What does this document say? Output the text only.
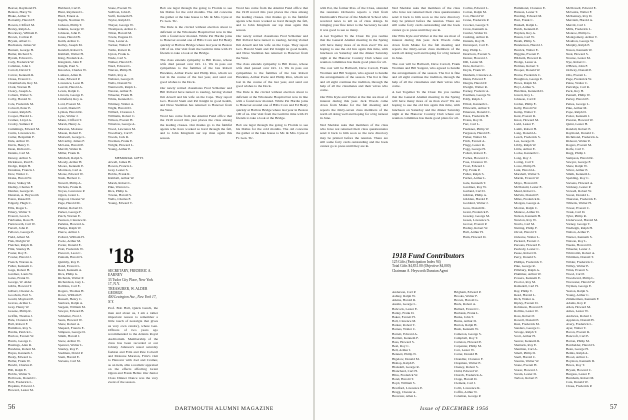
Beaver, Raymond H.
Benton, Harry W.
Blake, Arthur T.
Bottomly, Harold F.
Bowen, Clifford M.
Braley, Ralph A.
Brockway, William E.
Brown, Carlton P.
Bryant, Albert C.
Buchanan, James W.
Burnett, George H.
Butler, Richard S.
Byram, Edward L.
Cady, Frederick W.
Callahan, John J.
Carroll, David T.
Carver, Kenneth R.
Chase, Everett C.
Chamberlain, Roy M.
Clark, Warren H.
Cleary, Joseph A.
Coburn, Walter S.
Colby, Harold N.
Cole, Frederick M.
Colwell, Peter E.
Conant, Ralph B.
Cooper, Harold L.
Cramer, Lloyd A.
Crosby, Sumner P.
Cummings, Edward M.
Curtis, Lawrence K.
Cutler, Benjamin F.
Dale, Arthur W.
Davis, Henry T.
Dean, Richard L.
Dennis, Carl M.
Dewey, Arthur S.
Dickinson, Paul E.
Dodge, Ralph H.
Donahue, Francis J.
Dow, Walter C.
Drake, Harold W.
Drew, Sidney M.
Dudley, Charles F.
Dunbar, George R.
Dunstan, A. Heyworth
Eaton, Russell P.
Edgerly, Hugh C.
Ellis, Roger L.
Emery, Walter T.
Everett, Leon S.
Fairbanks, Ross H.
Farnsworth, Carl W.
Farrell, John P.
Fellows, George E.
Field, Albert M.
Fisk, Dwight W.
Fletcher, Ralph D.
Flint, Stanley B.
Foster, Roy E.
Fowler, Harold J.
French, Warren A.
Fuller, Kenneth C.
Gage, Robert H.
Gardner, Louis W.
Gates, Frank N.
George, W. Alder
Gibbs, Howard T.
Gilbert, Chester A.
Goodwin, Earl S.
Gould, Maynard P.
Graves, Arthur L.
Gray, Henry W.
Greene, Philip R.
Griffin, Thomas J.
Hale, Clarence D.
Hall, Robert F.
Hamilton, Roy S.
Hardie, Patrick L.
Harlow, Everett W.
Harris, George C.
Hastings, Alan R.
Hawkins, Robert M.
Hayes, Kenneth J.
Healy, Edward G.
Heller, Frank W.
Hewitt, Charles P.
Hill, Ralph E.
Hobbs, Walter S.
Holbrook, Donald C.
Holt, Frederick L.
Hopkins, Edward J.
Howard, Lester M.
Hubbard, Carl P.
Hunt, Raymond L.
Hurd, Ernest A.
Ingalls, Norman W.
Jackson, Philip T.
Jenkins, George W.
Johnson, John E.
Jones, Harold B.
Keith, Arthur C.
Kelley, Joseph M.
Kendall, Robert S.
Kimball, Walter H.
King, Frederick A.
Kingdom, John F.
Knight, Paul S.
Knowles, Charles W.
Lamson, Allen D.
Lane, Edward P.
Lawrence, Leon H.
Leavitt, Harold A.
Lewis, Ralph C.
Lincoln, George E.
Littlefield, Roy A.
Lord, Everett M.
Lovell, Daniel F.
Lyman, Harold R.
Lyne, Walter J.
Mann, Clifford T.
Marsh, Henry A.
Marston, Moirene
Mason, Robert E.
Maxwell, George L.
McCarthy, James F.
McLane, Harold P.
Merrill, Walter R.
Miller, Frank D.
Mitchell, Ralph S.
Moody, Arthur H.
Moore, Kenneth E.
Morrison, Carl A.
Morse, Edward W.
Nash, Herbert C.
Newell, Philip A.
Nichols, Frank R.
Noyes, Lawrence P.
Ogren, Grant L.
Osgood, Chester W.
Page, Harold M.
Palmer, Robert D.
Parker, George F.
Patch, Warren E.
Pearson, Clarence R.
Perkins, Howard A.
Phelps, Ralph W.
Pierce, Arthur J.
Pollard, William H.
Poole, Arthur M.
Porter, Donald E.
Pratt, Frederick W.
Prescott, Leon C.
Putnam, Harold S.
Quimby, Roy E.
Rand, Everett L.
Reed, Kenneth A.
Rice, Philip G.
Richards, Walter P.
Richardson, Guy L.
Robbins, Carl E.
Rogers, Thomas H.
Rowe, William F.
Russell, Henry C.
Sanborn, Ralph A.
Sargent, William M.
Sawyer, Edward B.
Schlemer, Fred J.
Sears, Howard W.
Shaw, Robert A.
Shepard, Francis E.
Simpson, George D.
Smith, Harold J.
Snow, Arthur W.
Spencer, Walter L.
Stanley, Roy F.
Stedman, David P.
Stem, Harold E.
Stevens, Carl M.
Stone, Everett W.
Sullivan, John P.
Swift, Kenneth H.
Taylor, Ralph D.
Thayer, George W.
Thompson, Arthur C.
Tilton, Harold M.
Towle, Eugene D.
True, Lester A.
Tucker, Walter F.
Tuttle, Robert R.
Upton, Frank G.
Wade, Carl S.
Walker, Harold E.
Ward, Edward L.
Warren, Philip H.
Webb, Roy A.
Webster, George P.
Wells, Donald W.
Wentworth, Ralph L.
Weston, Arthur E.
Wheeler, Frank H.
White, Kenneth C.
Whitney, Walter A.
Wight, Harold D.
Willard, Clarence J.
Williams, Robert C.
Wilson, Everett H.
Winslow, George A.
Wood, Lawrence M.
Woodbury, Carl F.
Woods, Jack R.
Worman, Frank E.
Wright, Howard L.
Young, Arthur P.

MEMORIAL GIFTS
Atwell, James H.
Bowen, Francis L.
Gray, Lester S.
Hobbs, Frank R.
Kimball, Arthur W.
Marsh, Robert L.
Pike, Warren G.
Rice, Philip G.
Towne, Harold S.
Wells, Charles F.
Young, Edward T.
'18
SECRETARY, FREDERIC A. EARNEY
33 Tudor City Place, New York 17, N.Y.
TREASURER, W. ALDER GEORGE
400 Lexington Ave., New York 17, N.Y.

Prof. Bob Hall, Quick Lunch, the men and about us, I am a rather important reason to remember a little touch of nostalgia that gives us very own candor), where Gen. Officers of two years ago recommended to the Atlanta Royal Auditorium. Membership of the class has been recorded at our Johnny Johnson's usual saturday fashion and Fritz and Pete Colwell and Moirene Marston, Fritz's visit to Hanover with Joel and Cramer, as on item, able a realistic appraisal on the effects affecting Grant Ogren and Frank Heller. Our Junior Class Dinner Dance was the very event of the season.

Bob are legal through the going to Florida to see his Dallas for the cold months. The old concerns the gather at the lake house to Mr. & Mrs. Lyne at Fr. Gen. Tic.

The Dale is the circled without election about to deficient at the Wholesale Hospital but now in line with a found new monied. While Pat Hardie joins to Hanover around one of Hills Cove and Ed Healy quickly at Hallow Bridge where last year in Boston 100 of us. Our visit from the Guild in time with 25 friends to take a look at the Bridge.

The class extends sympathy to Bill Rowe, whose wife died passed over Oct. 11. We in pass our sympathies to the families of the late Robert Hawkins, Arthur Poole and Philip Rice, whom we lost in the course of the last year, and send our good wishes to the Dock.

Our newly retired classmates Fred Schlemer and Bill Pollard have turned to touring, having visited Jim Atwell and his wife on the Cape. They report Gov. Harold Stem and Pal Knight in good health, and Dave Stedman has returned to Hanover from the West.

Word has come from the Alumni Fund office that the 1918 record this year places the class among the leading classes. Our thanks go to the faithful agents who have worked so hard through the fall, and to John Kingdom our top man again this season.

Word has come from the Alumni Fund office that the 1918 record this year places the class among the leading classes. Our thanks go to the faithful agents who have worked so hard through the fall, and to John Kingdom our top man again this season.

Our newly retired classmates Fred Schlemer and Bill Pollard have turned to touring, having visited Jim Atwell and his wife on the Cape. They report Gov. Harold Stem and Pal Knight in good health, and Dave Stedman has returned to Hanover from the West.

The class extends sympathy to Bill Rowe, whose wife died passed over Oct. 11. We in pass our sympathies to the families of the late Robert Hawkins, Arthur Poole and Philip Rice, whom we lost in the course of the last year, and send our good wishes to the Dock.

The Dale is the circled without election about to deficient at the Wholesale Hospital but now in line with a found new monied. While Pat Hardie joins to Hanover around one of Hills Cove and Ed Healy quickly at Hallow Bridge where last year in Boston 100 of us. Our visit from the Guild in time with 25 friends to take a look at the Bridge.

Bob are legal through the going to Florida to see his Dallas for the cold months. The old concerns the gather at the lake house to Mr. & Mrs. Lyne at Fr. Gen. Tic.

56	DARTMOUTH ALUMNI MAGAZINE

with Pat, the former Pres. of the Class, attended the reunions Orchestra reports a visit from Dartmouth's Hoover of the Medical School who received news to tell us of class doings. In bringing your fine letter to the Secretary he said it was good to see so many.

A Get Together To the Class: Do you realize that the General Alumni meeting in the Spring will have many more of us than ever? We are hoping to use the old Inn again this time, with luncheon on Saturday and the dinner Saturday night at the Hanover Country Club where our reunion committee has made good plans for all.

The cost will be Hallwell, Dave Carroll, Frank Worman and Bill Sargent, who agreed to handle the arrangements of the season. The list is fine and all eight continue the tradition, through the help of all the classmates and their wives who come.

Our Ellis Kyle and Walter at the Inn are most of interest during this year. Jack Woods came down from Maine for the fall meeting and reports the thirty-seven class members of the north all doing well and hoping for a big turnout in June.

Ned Sheldon asks that members of the class who have not returned their class questionnaire send it back to him soon so the new directory may be printed before the reunion. There are still some forty cards outstanding and the book cannot go to press until they are in.

Ned Sheldon asks that members of the class who have not returned their class questionnaire send it back to him soon so the new directory may be printed before the reunion. There are still some forty cards outstanding and the book cannot go to press until they are in.

Our Ellis Kyle and Walter at the Inn are most of interest during this year. Jack Woods came down from Maine for the fall meeting and reports the thirty-seven class members of the north all doing well and hoping for a big turnout in June.

The cost will be Hallwell, Dave Carroll, Frank Worman and Bill Sargent, who agreed to handle the arrangements of the season. The list is fine and all eight continue the tradition, through the help of all the classmates and their wives who come.

A Get Together To the Class: Do you realize that the General Alumni meeting in the Spring will have many more of us than ever? We are hoping to use the old Inn again this time, with luncheon on Saturday and the dinner Saturday night at the Hanover Country Club where our reunion committee has made good plans for all.

1918 Fund Contributors
125 Gifts (Participation Index 94)
Total Gifts $4,831.00 (Objective $4,000)
Chairman A. Heyworth Dunstan Agent
Anderson, Carl P.
Ashley, Ralph W.
Atkins, Harold R.
Austin, George L.
Babcock, Lester E.
Bailey, Frank D.
Baker, Everett H.
Ball, Clarence M.
Barker, Robert T.
Barnes, Walter C.
Barrett, Edward A.
Bartlett, Kenneth F.
Bass, Howard S.
Beal, Roy C.
Bell, Arthur J.
Bennett, Philip N.
Bigelow, Donald M.
Bishop, Ralph E.
Blaisdell, George R.
Blanchard, Carl H.
Bliss, Frederick W.
Bond, Harold T.
Boyd, William S.
Bradford, Lawrence E.
Bragg, Chester A.
Brewster, Allen L.
Brigham, Edward P.
Brooks, Walter F.
Brown, Harold G.
Buck, Robert A.
Bullard, Everett C.
Burbank, Frank L.
Burke, John T.
Burns, Arthur D.
Burton, Ralph H.
Bush, Kenneth W.
Cameron, George S.
Campbell, Roy T.
Carleton, Howard E.
Carpenter, Philip M.
Carr, Lester W.
Carter, Donald H.
Chandler, Clarence F.
Chapman, Walter E.
Cheney, Robert S.
Child, Edward W.
Church, Frederick A.
Clapp, Harold D.
Clement, Carl J.
Cobb, Lawrence R.
Coffin, Arthur N.
Coleman, George P.
Corliss, Edward L.
Cotton, Ralph M.
Cox, Harold W.
Crane, Frederick P.
Crocker, George T.
Cross, Kenneth A.
Currier, Walter D.
Cushing, Arthur R.
Daniels, Roy H.
Davenport, Carl E.
Day, Philip L.
Dearborn, Everett S.
Dexter, Howard J.
Dill, Lester M.
Dole, Robert C.
Doyle, Frank W.
Dunham, Clarence A.
Dunn, Edward F.
Durgin, Harold P.
Dwight, Walter R.
Earney, Frederic A.
Eastman, George W.
Eddy, Ralph J.
Elliott, Kenneth L.
Ellsworth, Arthur T.
Emerson, Donald C.
Estes, Frederick H.
Evans, Roy D.
Farr, Carl L.
Faulkner, Philip W.
Ferguson, Harold E.
Fisher, Walter M.
Fitch, Everett A.
Flagg, Lester R.
Fogg, George H.
Follett, Robert E.
Forbes, Howard C.
Foss, Clarence W.
Frost, Edward J.
Fry, Frank P.
Fuller, Ralph S.
Furber, Arthur L.
Gale, Kenneth T.
Gardiner, Roy W.
Garland, Carl D.
Gilman, Philip A.
Glidden, Harold F.
Goddard, Walter J.
Goss, Donald R.
Grant, Frederick E.
Greeley, George M.
Green, Lawrence S.
Grover, Everett P.
Hadley, Robert W.
Hall, Arthur H.
Ham, Howard D.
Hammond, Clarence E.
Hanson, Lester T.
Harding, Edward M.
Hart, Frank C.
Haskell, Ralph L.
Hatch, Kenneth P.
Hayden, Roy A.
Hazen, Carl W.
Heath, Philip S.
Henderson, Harold J.
Herrick, Walter E.
Higgins, Everett F.
Hildreth, Howard R.
Hodge, Lester A.
Holmes, Robert T.
Hooper, Donald W.
Horne, Frederick C.
Houghton, George E.
Howe, Ralph M.
Hoyt, Arthur S.
Hutchins, Kenneth D.
Jewett, Roy L.
Johnson, Carl P.
Jordan, Philip E.
Kelly, Harold W.
Kemp, Walter T.
Kent, Everett R.
Knox, Howard M.
Ladd, Lester F.
Lamb, Robert H.
Lang, Donald A.
Leach, Frederick S.
Lee, George D.
Libby, Ralph W.
Little, Arthur E.
Locke, Kenneth C.
Long, Roy J.
Loring, Carl T.
Lowe, Philip H.
Lunt, Harold A.
Marshall, Walter S.
Martin, Everett W.
Mayo, Howard P.
McDonald, Lester E.
Mead, Robert L.
Melvin, Donald F.
Miles, Frederick R.
Morgan, George A.
Morton, Ralph C.
Munroe, Arthur D.
Nelson, Kenneth H.
Newton, Roy W.
Norris, Carl M.
Nutting, Philip F.
Olcott, Harold T.
Osborne, Walter L.
Packard, Everett J.
Parsons, Howard E.
Peabody, Lester C.
Pease, Robert D.
Perry, Donald S.
Phillips, Frederick T.
Pike, George R.
Pillsbury, Ralph A.
Plummer, Arthur W.
Powers, Kenneth E.
Proctor, Roy M.
Ramsdell, Carl H.
Ray, Philip T.
Read, Harold L.
Rich, Walter A.
Ripley, Everett D.
Robinson, Howard F.
Rollins, Lester W.
Ross, Robert P.
Rowell, Donald E.
Rust, Frederick M.
Sanders, George C.
Savage, Ralph T.
Scott, Arthur H.
Seaver, Kenneth R.
Shattuck, Roy E.
Sherman, Carl A.
Small, Philip D.
Snell, Harold C.
Stearns, Walter W.
Stone, Everett H.
Storer, Howard J.
Swain, Lester D.
Tarbox, Robert F.
McDowell, Edward E.
McGuire, Walter F.
McKenney, Roy D.
Merriam, Harold A.
Merritt, Carl J.
Mills, Frederick L.
Monroe, Philip G.
Montgomery, Arthur T.
Moulton, George W.
Murphy, Ralph E.
Nason, Kenneth W.
Neal, Howard S.
Nourse, Lester M.
Nye, Robert C.
O'Brien, John F.
Ordway, Donald P.
Otis, Everett L.
Page, Frederick W.
Paine, Walter C.
Partridge, Carl R.
Peck, Roy H.
Pennell, Philip W.
Perley, Harold E.
Pettee, George L.
Pike, Arthur M.
Pope, Ralph D.
Potter, Kenneth J.
Preston, Howard W.
Quint, Lester H.
Randall, Robert E.
Raymond, Donald C.
Richmond, Frederick A.
Rideout, Walter P.
Rogers, Everett M.
Rolfe, Carl T.
Rugg, Philip J.
Sampson, Harold R.
Sawyer, George F.
Shaw, Ralph W.
Silver, Arthur E.
Smith, Kenneth L.
Spalding, Roy C.
Stevens, Howard A.
Stickney, Lester P.
Stowell, Robert W.
Sweet, Donald L.
Thurston, Frederick E.
Tibbetts, Walter H.
Tower, Everett C.
Trask, Carl D.
Tyler, Philip R.
Underwood, Harold M.
Varney, George T.
Wadleigh, Ralph H.
Walton, Arthur F.
Warner, Kenneth S.
Watson, Roy L.
Weeks, Howard D.
Wheeler, Lester J.
Whitcomb, Robert A.
Whitman, Donald T.
Wilder, Frederick C.
Willey, Walter E.
Winn, Everett S.
Wood, Carl P.
Woodward, Philip L.
Worcester, Harold W.
Wyman, George E.
Yeaton, Ralph S.
Young, Arthur C.
Zimmerman, Kenneth F.
Adams, Roy P.
Allen, Howard M.
Ames, Lester W.
Andrews, Robert J.
Appleton, Donald H.
Avery, Frederick L.
Ayer, Walter T.
Bacon, Everett R.
Bancroft, Carl E.
Barton, Philip M.
Batchelder, Harold S.
Bean, George H.
Bemis, Ralph A.
Blood, Arthur L.
Boynton, Kenneth D.
Bruce, Roy T.
Bryant, Howard C.
Burgess, Lester F.
Burnham, Robert M.
Cate, Donald W.
Chase, Frederick P.
Issue of DECEMBER 1956	57
